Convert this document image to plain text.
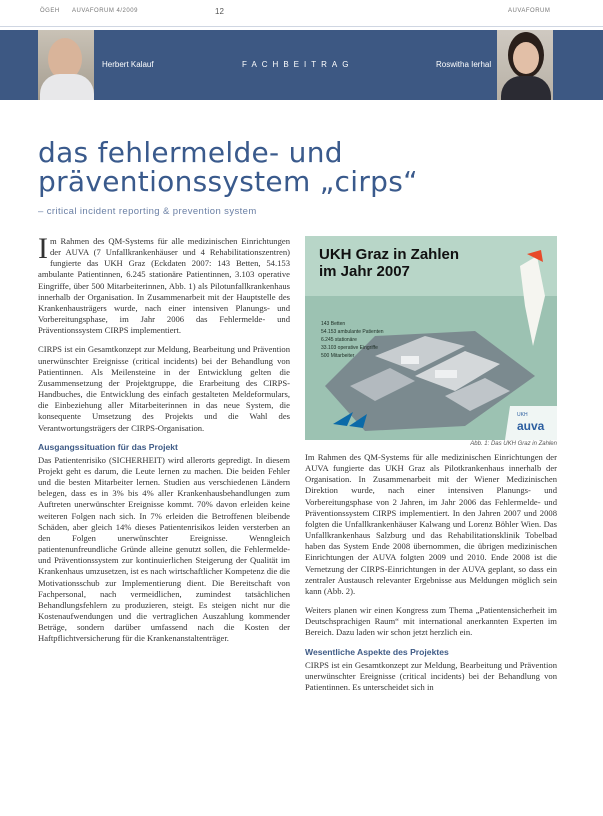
ÖGEH AUVAFORUM 4/2009	12	AUVAFORUM
Herbert Kalauf	FACHBEITRAG	Roswitha Ierhal
das fehlermelde- und
präventionssystem „cirps“
– critical incident reporting & prevention system

Im Rahmen des QM-Systems für alle medizinischen Einrichtungen der AUVA (7 Unfallkrankenhäuser und 4 Rehabilitationszentren) fungierte das UKH Graz (Eckdaten 2007: 143 Betten, 54.153 ambulante Patientinnen, 6.245 stationäre Patientinnen, 3.103 operative Eingriffe, über 500 Mitarbeiterinnen, Abb. 1) als Pilotunfallkrankenhaus innerhalb der Organisation. In Zusammenarbeit mit der Hauptstelle des Krankenhausträgers wurde, nach einer intensiven Planungs- und Vorbereitungsphase, im Jahr 2006 das Fehlermelde- und Präventionssystem CIRPS implementiert.

CIRPS ist ein Gesamtkonzept zur Meldung, Bearbeitung und Prävention unerwünschter Ereignisse (critical incidents) bei der Behandlung von Patientinnen. Als Meilensteine in der Entwicklung gelten die Zusammensetzung der Projektgruppe, die Erarbeitung des CIRPS-Handbuches, die Entwicklung des einfach gestalteten Meldeformulars, die Einbeziehung aller Mitarbeiterinnen in das neue System, die konsequente Umsetzung des Projekts und die Wahl des Verantwortungsträgers der CIRPS-Organisation.

Ausgangssituation für das Projekt

Das Patientenrisiko (SICHERHEIT) wird allerorts gepredigt. In diesem Projekt geht es darum, die Leute lernen zu machen. Die beiden Fehler und die besten Mitarbeiter lernen. Studien aus verschiedenen Ländern belegen, dass es in 3% bis 4% aller Krankenhausbehandlungen zum Auftreten unerwünschter Ereignisse kommt. 70% davon erleiden keine weiteren Folgen nach sich. In 7% erleiden die Betroffenen bleibende Schäden, aber gleich 14% dieses Patientenrisikos leiden versterben an den Folgen unerwünschter Ereignisse. Wenngleich patientenunfreundliche Gründe alleine genutzt sollen, die Fehlermelde- und Präventionssystem zur kontinuierlichen Steigerung der Qualität im Krankenhaus umzusetzen, ist es nach wirtschaftlicher Kompetenz die die Motivationsschub zur Implementierung dient. Die Bereitschaft von Fachpersonal, nach vermeidlichen, zumindest tatsächlichen Behandlungsfehlern zu produzieren, steigt. Es steigen nicht nur die Kostenaufwendungen und die vertraglichen Auszahlung kommender Beträge, sondern darüber umfassend nach die Kosten der Haftpflichtversicherung für die Krankenanstaltenträger.

UKH Graz in Zahlen
im Jahr 2007
143 Betten
54.153 ambulante Patienten
6.245 stationäre
33.103 operative Eingriffe
500 Mitarbeiter
auva
UKH
Abb. 1: Das UKH Graz in Zahlen

Im Rahmen des QM-Systems für alle medizinischen Einrichtungen der AUVA fungierte das UKH Graz als Pilotkrankenhaus innerhalb der Organisation. In Zusammenarbeit mit der Wiener Medizinischen Direktion wurde, nach einer intensiven Planungs- und Vorbereitungsphase von 2 Jahren, im Jahr 2006 das Fehlermelde- und Präventionssystem CIRPS implementiert. In den Jahren 2007 und 2008 folgten die Unfallkrankenhäuser Kalwang und Lorenz Böhler Wien. Das Unfallkrankenhaus Salzburg und das Rehabilitationsklinik Tobelbad haben das System Ende 2008 übernommen, die übrigen medizinischen Einrichtungen der AUVA folgten 2009 und 2010. Ende 2008 ist die Vernetzung der CIRPS-Einrichtungen in der AUVA geplant, so dass ein zentraler Austausch relevanter Ergebnisse aus Meldungen möglich sein kann (Abb. 2).

Weiters planen wir einen Kongress zum Thema „Patientensicherheit im Deutschsprachigen Raum“ mit international anerkannten Experten im Bereich. Dazu laden wir schon jetzt herzlich ein.

Wesentliche Aspekte des Projektes

CIRPS ist ein Gesamtkonzept zur Meldung, Bearbeitung und Prävention unerwünschter Ereignisse (critical incidents) bei der Behandlung von Patientinnen. Es unterscheidet sich in
